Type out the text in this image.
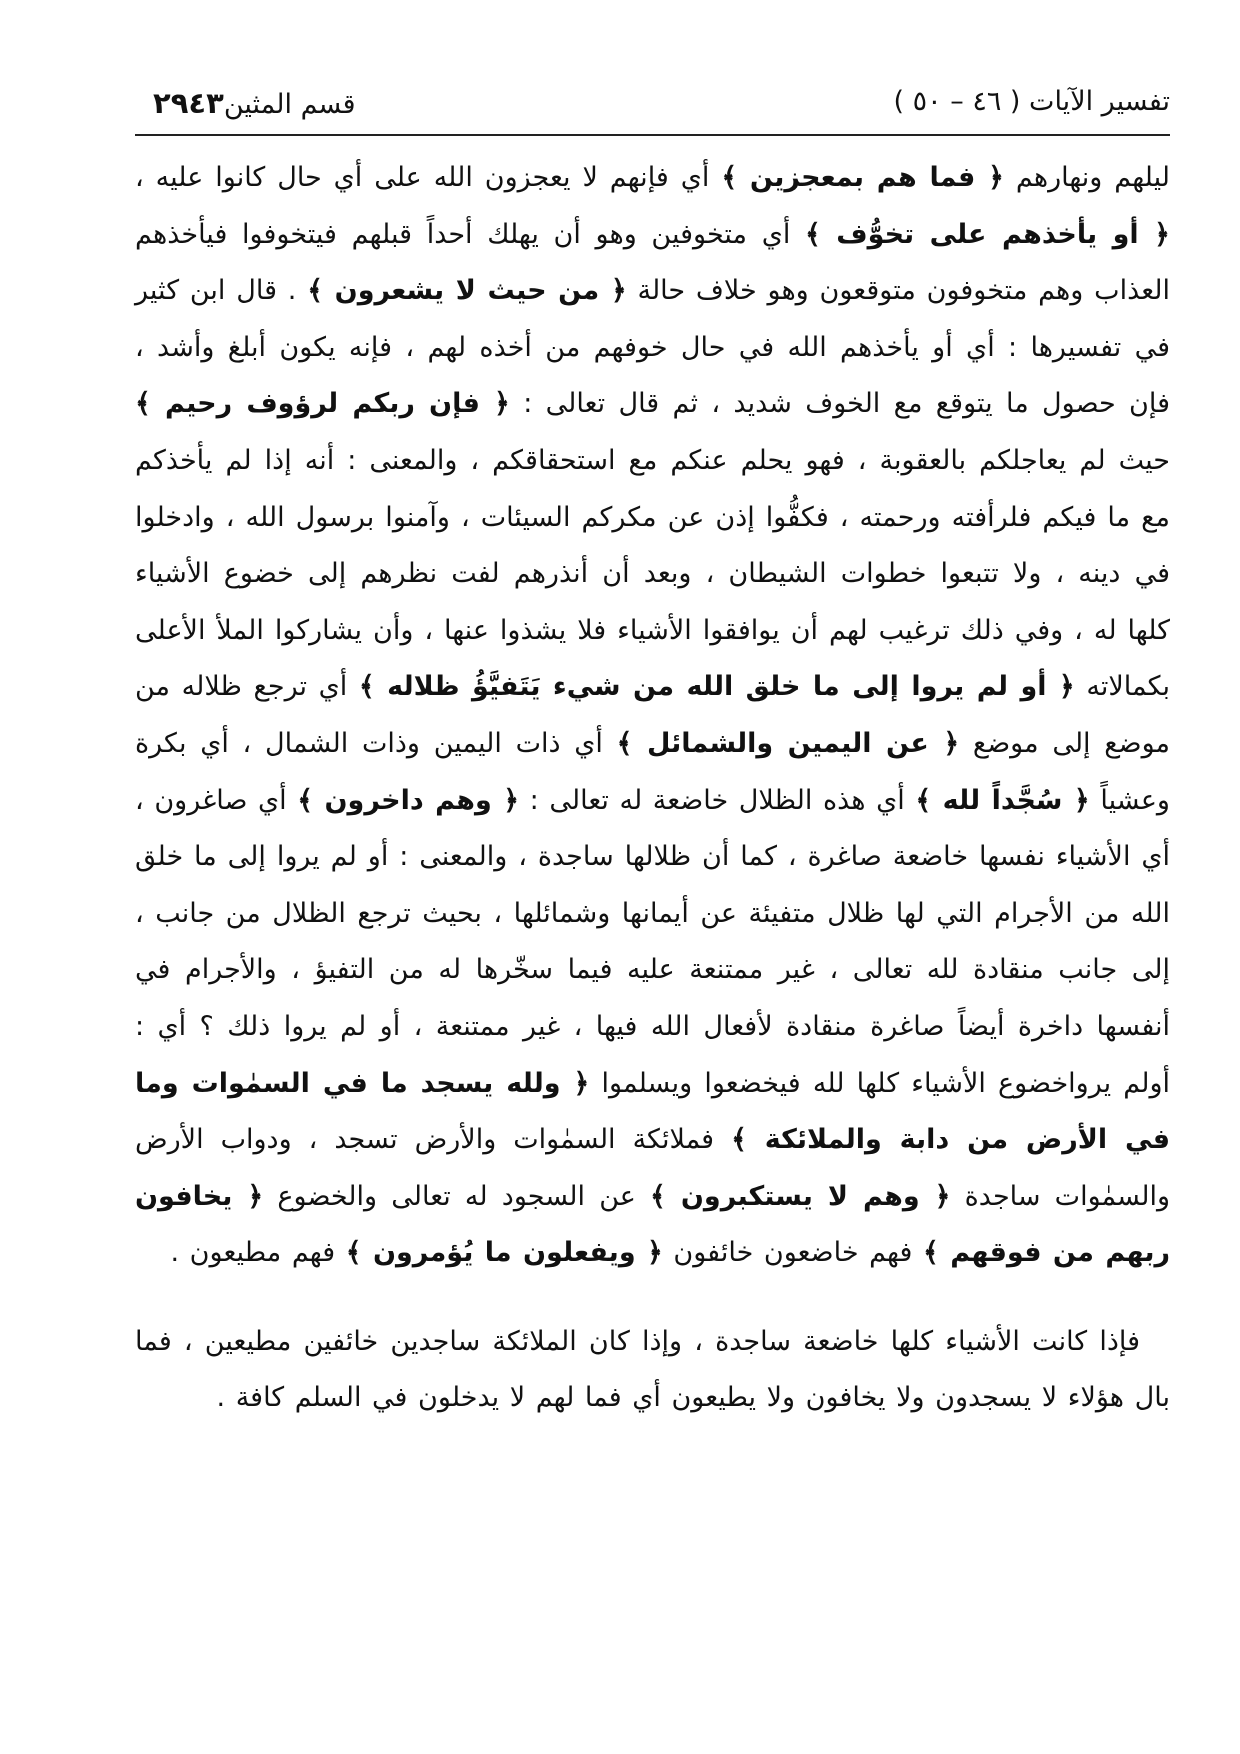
تفسير الآيات ( ٤٦ – ٥٠ )
قسم المثين٢٩٤٣

ليلهم ونهارهم ﴿ فما هم بمعجزين ﴾ أي فإنهم لا يعجزون الله على أي حال كانوا عليه ، ﴿ أو يأخذهم على تخوُّف ﴾ أي متخوفين وهو أن يهلك أحداً قبلهم فيتخوفوا فيأخذهم العذاب وهم متخوفون متوقعون وهو خلاف حالة ﴿ من حيث لا يشعرون ﴾ . قال ابن كثير في تفسيرها : أي أو يأخذهم الله في حال خوفهم من أخذه لهم ، فإنه يكون أبلغ وأشد ، فإن حصول ما يتوقع مع الخوف شديد ، ثم قال تعالى : ﴿ فإن ربكم لرؤوف رحيم ﴾ حيث لم يعاجلكم بالعقوبة ، فهو يحلم عنكم مع استحقاقكم ، والمعنى : أنه إذا لم يأخذكم مع ما فيكم فلرأفته ورحمته ، فكفُّوا إذن عن مكركم السيئات ، وآمنوا برسول الله ، وادخلوا في دينه ، ولا تتبعوا خطوات الشيطان ، وبعد أن أنذرهم لفت نظرهم إلى خضوع الأشياء كلها له ، وفي ذلك ترغيب لهم أن يوافقوا الأشياء فلا يشذوا عنها ، وأن يشاركوا الملأ الأعلى بكمالاته ﴿ أو لم يروا إلى ما خلق الله من شيء يَتَفيَّؤُ ظلاله ﴾ أي ترجع ظلاله من موضع إلى موضع ﴿ عن اليمين والشمائل ﴾ أي ذات اليمين وذات الشمال ، أي بكرة وعشياً ﴿ سُجَّداً لله ﴾ أي هذه الظلال خاضعة له تعالى : ﴿ وهم داخرون ﴾ أي صاغرون ، أي الأشياء نفسها خاضعة صاغرة ، كما أن ظلالها ساجدة ، والمعنى : أو لم يروا إلى ما خلق الله من الأجرام التي لها ظلال متفيئة عن أيمانها وشمائلها ، بحيث ترجع الظلال من جانب ، إلى جانب منقادة لله تعالى ، غير ممتنعة عليه فيما سخّرها له من التفيؤ ، والأجرام في أنفسها داخرة أيضاً صاغرة منقادة لأفعال الله فيها ، غير ممتنعة ، أو لم يروا ذلك ؟ أي : أولم يرواخضوع الأشياء كلها لله فيخضعوا ويسلموا ﴿ ولله يسجد ما في السمٰوات وما في الأرض من دابة والملائكة ﴾ فملائكة السمٰوات والأرض تسجد ، ودواب الأرض والسمٰوات ساجدة ﴿ وهم لا يستكبرون ﴾ عن السجود له تعالى والخضوع ﴿ يخافون ربهم من فوقهم ﴾ فهم خاضعون خائفون ﴿ ويفعلون ما يُؤمرون ﴾ فهم مطيعون .

فإذا كانت الأشياء كلها خاضعة ساجدة ، وإذا كان الملائكة ساجدين خائفين مطيعين ، فما بال هؤلاء لا يسجدون ولا يخافون ولا يطيعون أي فما لهم لا يدخلون في السلم كافة .
